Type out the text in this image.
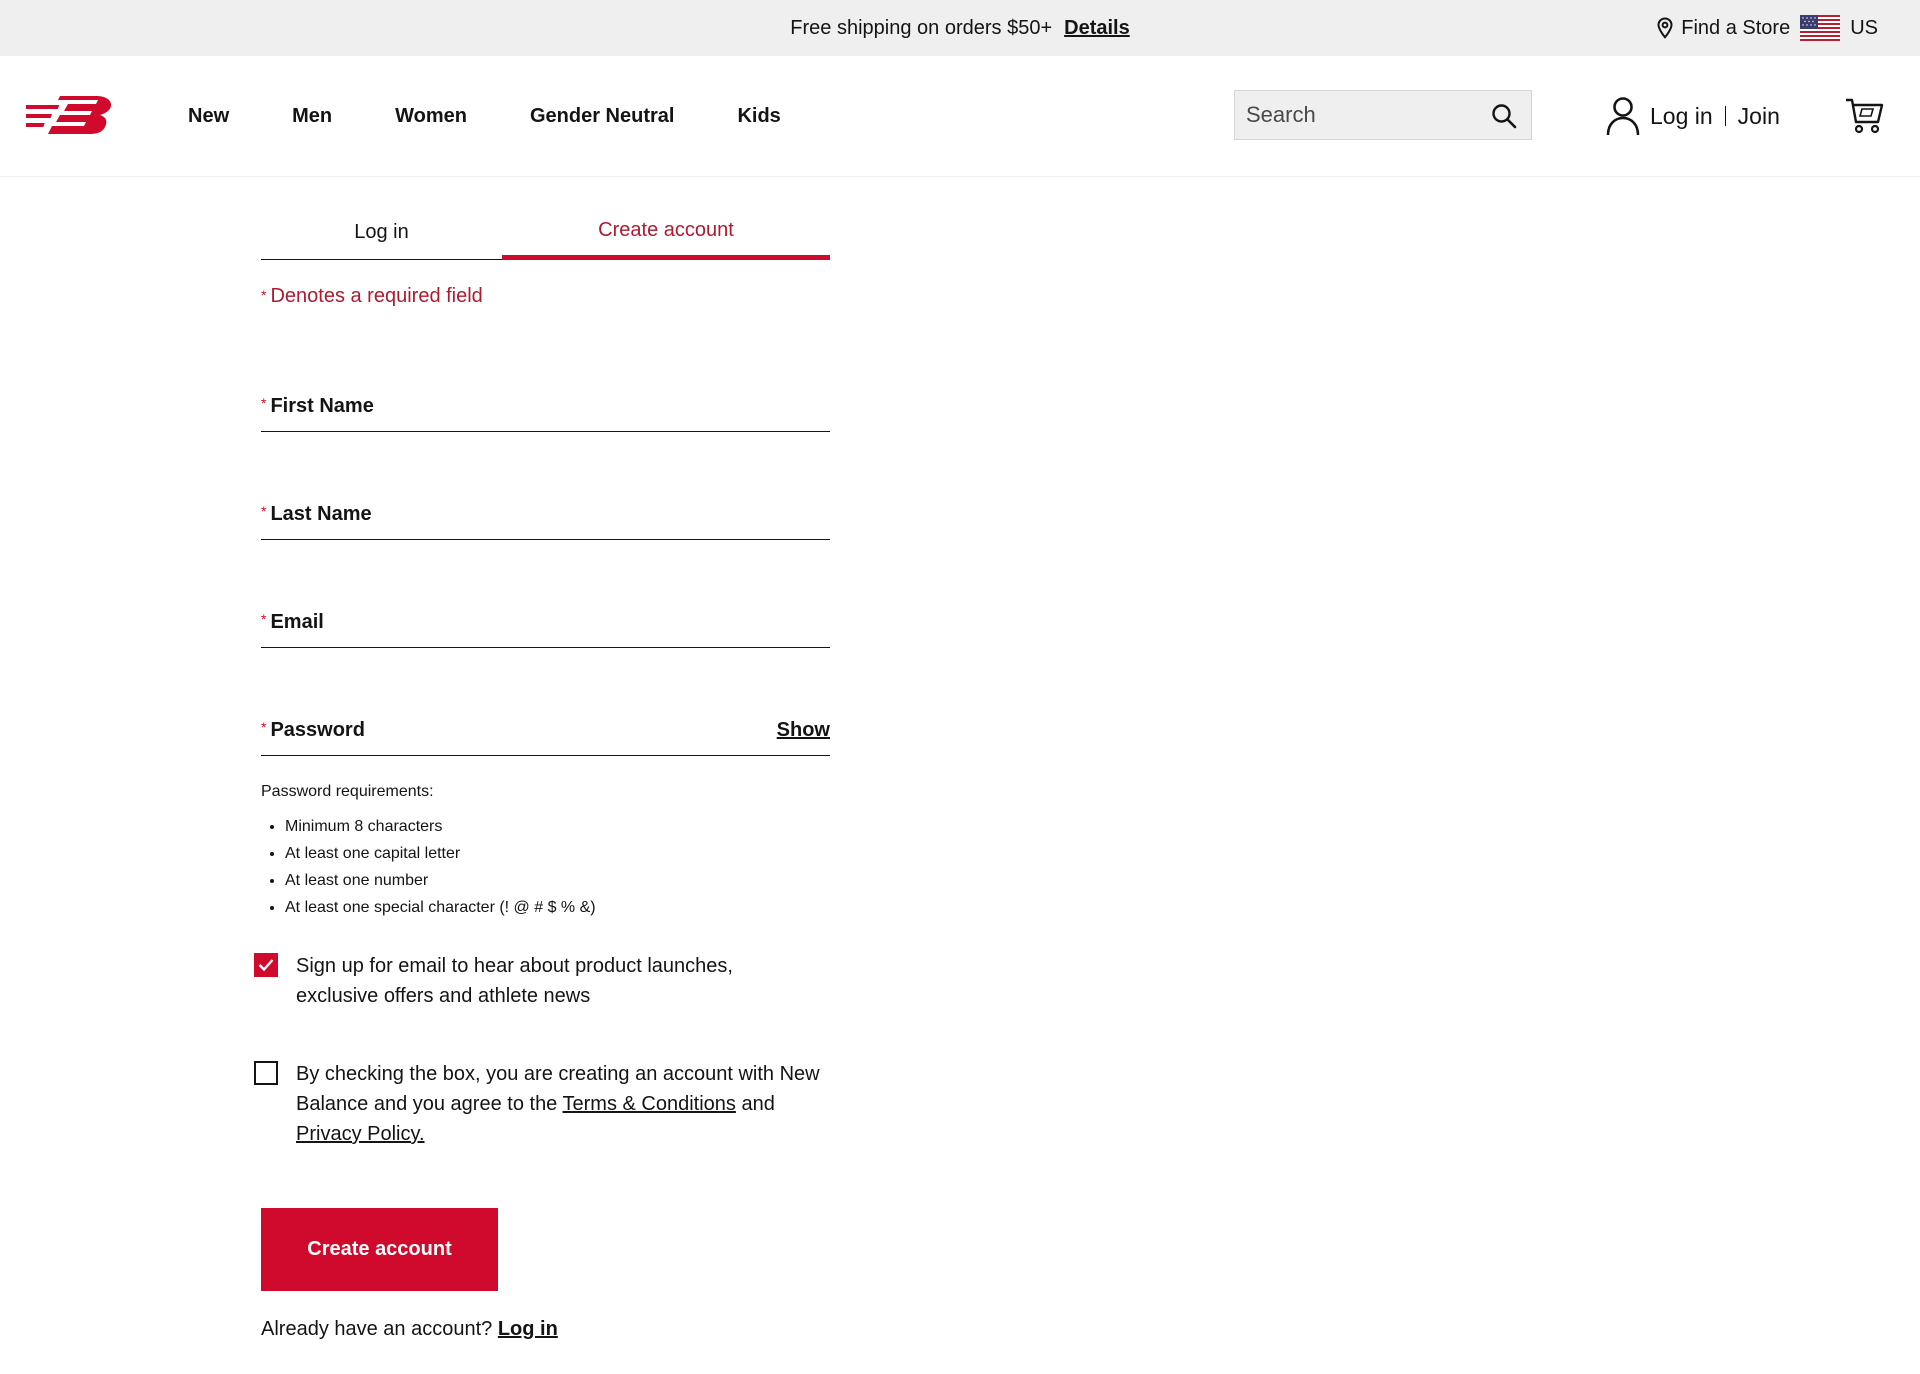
Free shipping on orders $50+ Details	Find a Store	US
New	Men	Women	Gender Neutral	Kids
Search	Log in Join
Log in	Create account
* Denotes a required field
* First Name
* Last Name
* Email
* Password	Show
Password requirements:
• Minimum 8 characters
• At least one capital letter
• At least one number
• At least one special character (! @ # $ % &)
Sign up for email to hear about product launches, exclusive offers and athlete news
By checking the box, you are creating an account with New Balance and you agree to the Terms & Conditions and Privacy Policy.
Create account
Already have an account? Log in
